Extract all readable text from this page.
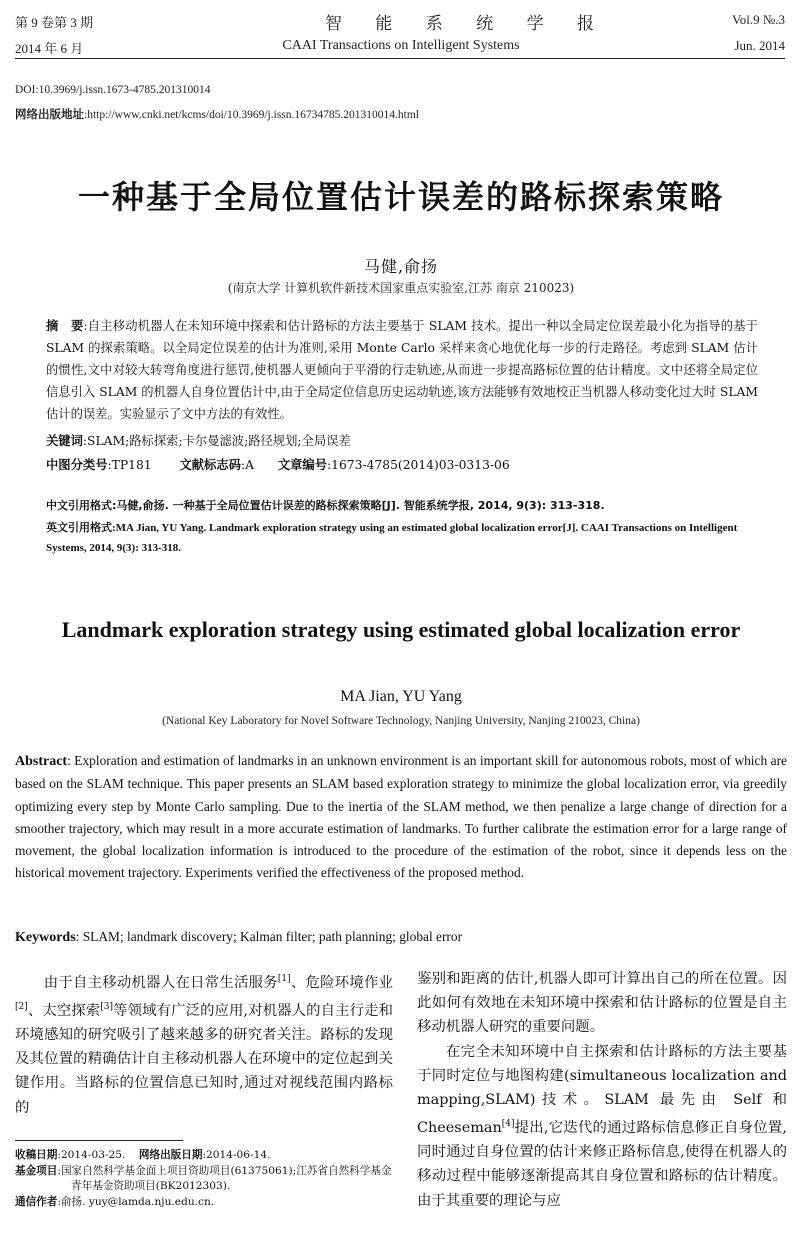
第 9 卷第 3 期
2014 年 6 月
智 能 系 统 学 报
CAAI Transactions on Intelligent Systems
Vol.9 №.3
Jun. 2014
DOI:10.3969/j.issn.1673-4785.201310014
网络出版地址:http://www.cnki.net/kcms/doi/10.3969/j.issn.16734785.201310014.html
一种基于全局位置估计误差的路标探索策略
马健,俞扬
(南京大学 计算机软件新技术国家重点实验室,江苏 南京 210023)
摘　要:自主移动机器人在未知环境中探索和估计路标的方法主要基于 SLAM 技术。提出一种以全局定位误差最小化为指导的基于 SLAM 的探索策略。以全局定位误差的估计为准则,采用 Monte Carlo 采样来贪心地优化每一步的行走路径。考虑到 SLAM 估计的惯性,文中对较大转弯角度进行惩罚,使机器人更倾向于平滑的行走轨迹,从而进一步提高路标位置的估计精度。文中还将全局定位信息引入 SLAM 的机器人自身位置估计中,由于全局定位信息历史运动轨迹,该方法能够有效地校正当机器人移动变化过大时 SLAM 估计的误差。实验显示了文中方法的有效性。
关键词:SLAM;路标探索;卡尔曼滤波;路径规划;全局误差
中图分类号:TP181 文献标志码:A 文章编号:1673-4785(2014)03-0313-06
中文引用格式:马健,俞扬. 一种基于全局位置估计误差的路标探索策略[J]. 智能系统学报, 2014, 9(3): 313-318.
英文引用格式:MA Jian, YU Yang. Landmark exploration strategy using an estimated global localization error[J]. CAAI Transactions on Intelligent Systems, 2014, 9(3): 313-318.
Landmark exploration strategy using estimated global localization error
MA Jian, YU Yang
(National Key Laboratory for Novel Software Technology, Nanjing University, Nanjing 210023, China)
Abstract: Exploration and estimation of landmarks in an unknown environment is an important skill for autonomous robots, most of which are based on the SLAM technique. This paper presents an SLAM based exploration strategy to minimize the global localization error, via greedily optimizing every step by Monte Carlo sampling. Due to the inertia of the SLAM method, we then penalize a large change of direction for a smoother trajectory, which may result in a more accurate estimation of landmarks. To further calibrate the estimation error for a large range of movement, the global localization information is introduced to the procedure of the estimation of the robot, since it depends less on the historical movement trajectory. Experiments verified the effectiveness of the proposed method.
Keywords: SLAM; landmark discovery; Kalman filter; path planning; global error

由于自主移动机器人在日常生活服务[1]、危险环境作业[2]、太空探索[3]等领域有广泛的应用,对机器人的自主行走和环境感知的研究吸引了越来越多的研究者关注。路标的发现及其位置的精确估计自主移动机器人在环境中的定位起到关键作用。当路标的位置信息已知时,通过对视线范围内路标的

收稿日期:2014-03-25. 网络出版日期:2014-06-14.
基金项目:国家自然科学基金面上项目资助项目(61375061);江苏省自然科学基金青年基金资助项目(BK2012303).
通信作者:俞扬. yuy@lamda.nju.edu.cn.

鉴别和距离的估计,机器人即可计算出自己的所在位置。因此如何有效地在未知环境中探索和估计路标的位置是自主移动机器人研究的重要问题。

在完全未知环境中自主探索和估计路标的方法主要基于同时定位与地图构建(simultaneous localization and mapping,SLAM)技术。SLAM 最先由 Self 和 Cheeseman[4]提出,它迭代的通过路标信息修正自身位置,同时通过自身位置的估计来修正路标信息,使得在机器人的移动过程中能够逐渐提高其自身位置和路标的估计精度。由于其重要的理论与应
